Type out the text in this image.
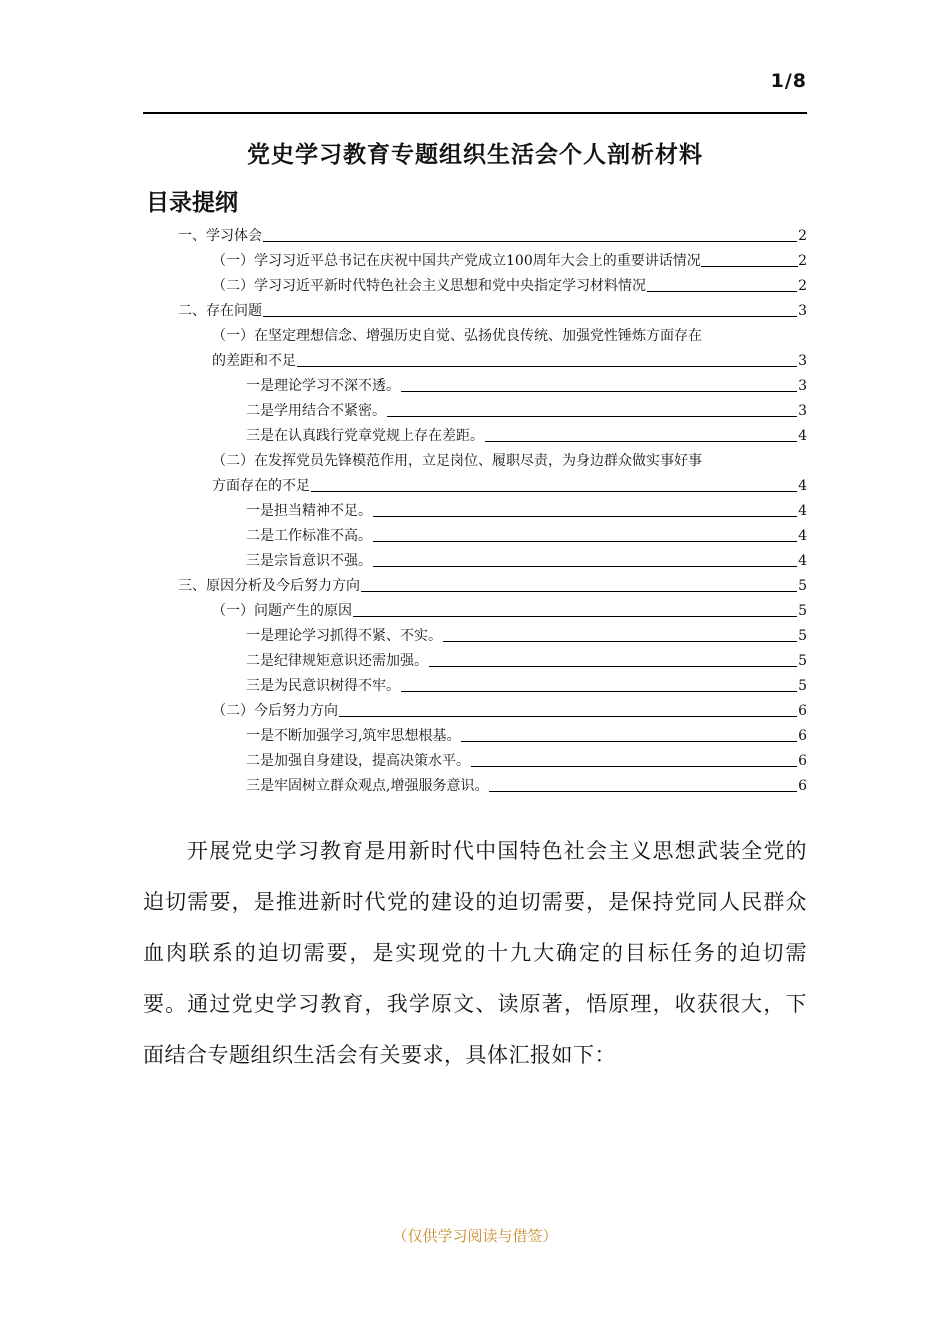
1/8
党史学习教育专题组织生活会个人剖析材料
目录提纲
一、学习体会	2
（一）学习习近平总书记在庆祝中国共产党成立100周年大会上的重要讲话情况	2
（二）学习习近平新时代特色社会主义思想和党中央指定学习材料情况	2
二、存在问题	3
（一）在坚定理想信念、增强历史自觉、弘扬优良传统、加强党性锤炼方面存在
的差距和不足	3
一是理论学习不深不透。	3
二是学用结合不紧密。	3
三是在认真践行党章党规上存在差距。	4
（二）在发挥党员先锋模范作用，立足岗位、履职尽责，为身边群众做实事好事
方面存在的不足	4
一是担当精神不足。	4
二是工作标准不高。	4
三是宗旨意识不强。	4
三、原因分析及今后努力方向	5
（一）问题产生的原因	5
一是理论学习抓得不紧、不实。	5
二是纪律规矩意识还需加强。	5
三是为民意识树得不牢。	5
（二）今后努力方向	6
一是不断加强学习,筑牢思想根基。	6
二是加强自身建设，提高决策水平。	6
三是牢固树立群众观点,增强服务意识。	6

开展党史学习教育是用新时代中国特色社会主义思想武装全党的迫切需要，是推进新时代党的建设的迫切需要，是保持党同人民群众血肉联系的迫切需要，是实现党的十九大确定的目标任务的迫切需要。通过党史学习教育，我学原文、读原著，悟原理，收获很大，下面结合专题组织生活会有关要求，具体汇报如下：

（仅供学习阅读与借签）
